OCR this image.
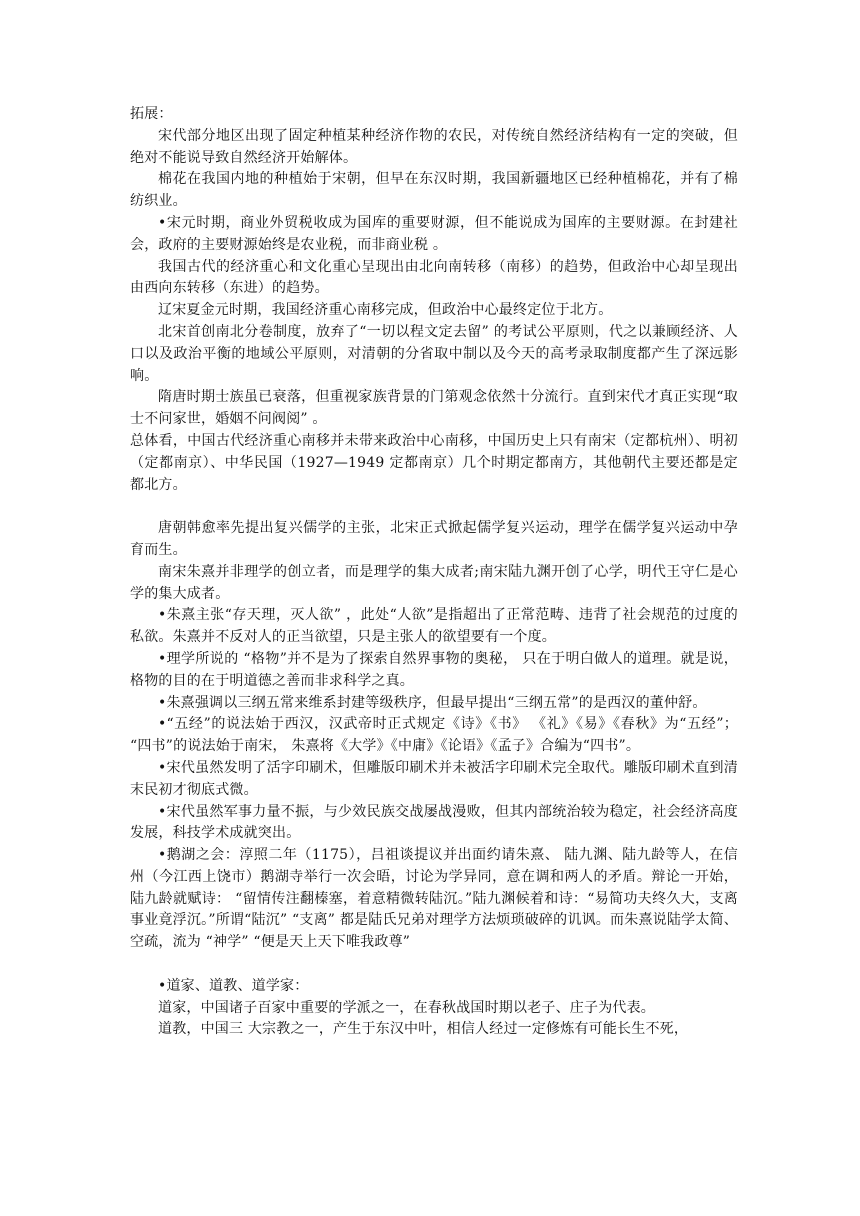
拓展：

宋代部分地区出现了固定种植某种经济作物的农民，对传统自然经济结构有一定的突破，但绝对不能说导致自然经济开始解体。

棉花在我国内地的种植始于宋朝，但早在东汉时期，我国新疆地区已经种植棉花，并有了棉纺织业。

•宋元时期，商业外贸税收成为国库的重要财源，但不能说成为国库的主要财源。在封建社会，政府的主要财源始终是农业税，而非商业税 。

我国古代的经济重心和文化重心呈现出由北向南转移（南移）的趋势，但政治中心却呈现出由西向东转移（东进）的趋势。

辽宋夏金元时期，我国经济重心南移完成，但政治中心最终定位于北方。

北宋首创南北分卷制度，放弃了“一切以程文定去留” 的考试公平原则，代之以兼顾经济、人口以及政治平衡的地域公平原则，对清朝的分省取中制以及今天的高考录取制度都产生了深远影响。

隋唐时期士族虽已衰落，但重视家族背景的门第观念依然十分流行。直到宋代才真正实现“取士不问家世，婚姻不问阀阅” 。

总体看，中国古代经济重心南移并未带来政治中心南移，中国历史上只有南宋（定都杭州）、明初（定都南京）、中华民国（1927—1949 定都南京）几个时期定都南方，其他朝代主要还都是定都北方。

唐朝韩愈率先提出复兴儒学的主张，北宋正式掀起儒学复兴运动，理学在儒学复兴运动中孕育而生。

南宋朱熹并非理学的创立者，而是理学的集大成者;南宋陆九渊开创了心学，明代王守仁是心学的集大成者。

•朱熹主张“存天理，灭人欲” ，此处“人欲”是指超出了正常范畴、违背了社会规范的过度的私欲。朱熹并不反对人的正当欲望，只是主张人的欲望要有一个度。

•理学所说的 “格物”并不是为了探索自然界事物的奥秘， 只在于明白做人的道理。就是说，格物的目的在于明道德之善而非求科学之真。

•朱熹强调以三纲五常来维系封建等级秩序，但最早提出“三纲五常”的是西汉的董仲舒。

•“五经”的说法始于西汉，汉武帝时正式规定《诗》《书》 《礼》《易》《春秋》为“五经”； “四书”的说法始于南宋， 朱熹将《大学》《中庸》《论语》《孟子》合编为“四书”。

•宋代虽然发明了活字印刷术，但雕版印刷术并未被活字印刷术完全取代。雕版印刷术直到清末民初才彻底式微。

•宋代虽然军事力量不振，与少效民族交战屡战漫败，但其内部统治较为稳定，社会经济高度发展，科技学术成就突出。

•鹅湖之会：淳照二年（1175），吕祖谈提议并出面约请朱熹、 陆九渊、陆九龄等人，在信州（今江西上饶市）鹅湖寺举行一次会晤，讨论为学异同，意在调和两人的矛盾。辩论一开始，陆九龄就赋诗： “留情传注翻榛塞，着意精微转陆沉。”陆九渊候着和诗：“易简功夫终久大，支离事业竟浮沉。”所谓“陆沉” “支离” 都是陆氏兄弟对理学方法烦琐破碎的讥讽。而朱熹说陆学太简、空疏，流为 “神学” “便是天上天下唯我政尊”

•道家、道教、道学家：

道家，中国诸子百家中重要的学派之一，在春秋战国时期以老子、庄子为代表。

道教，中国三 大宗教之一，产生于东汉中叶，相信人经过一定修炼有可能长生不死，
